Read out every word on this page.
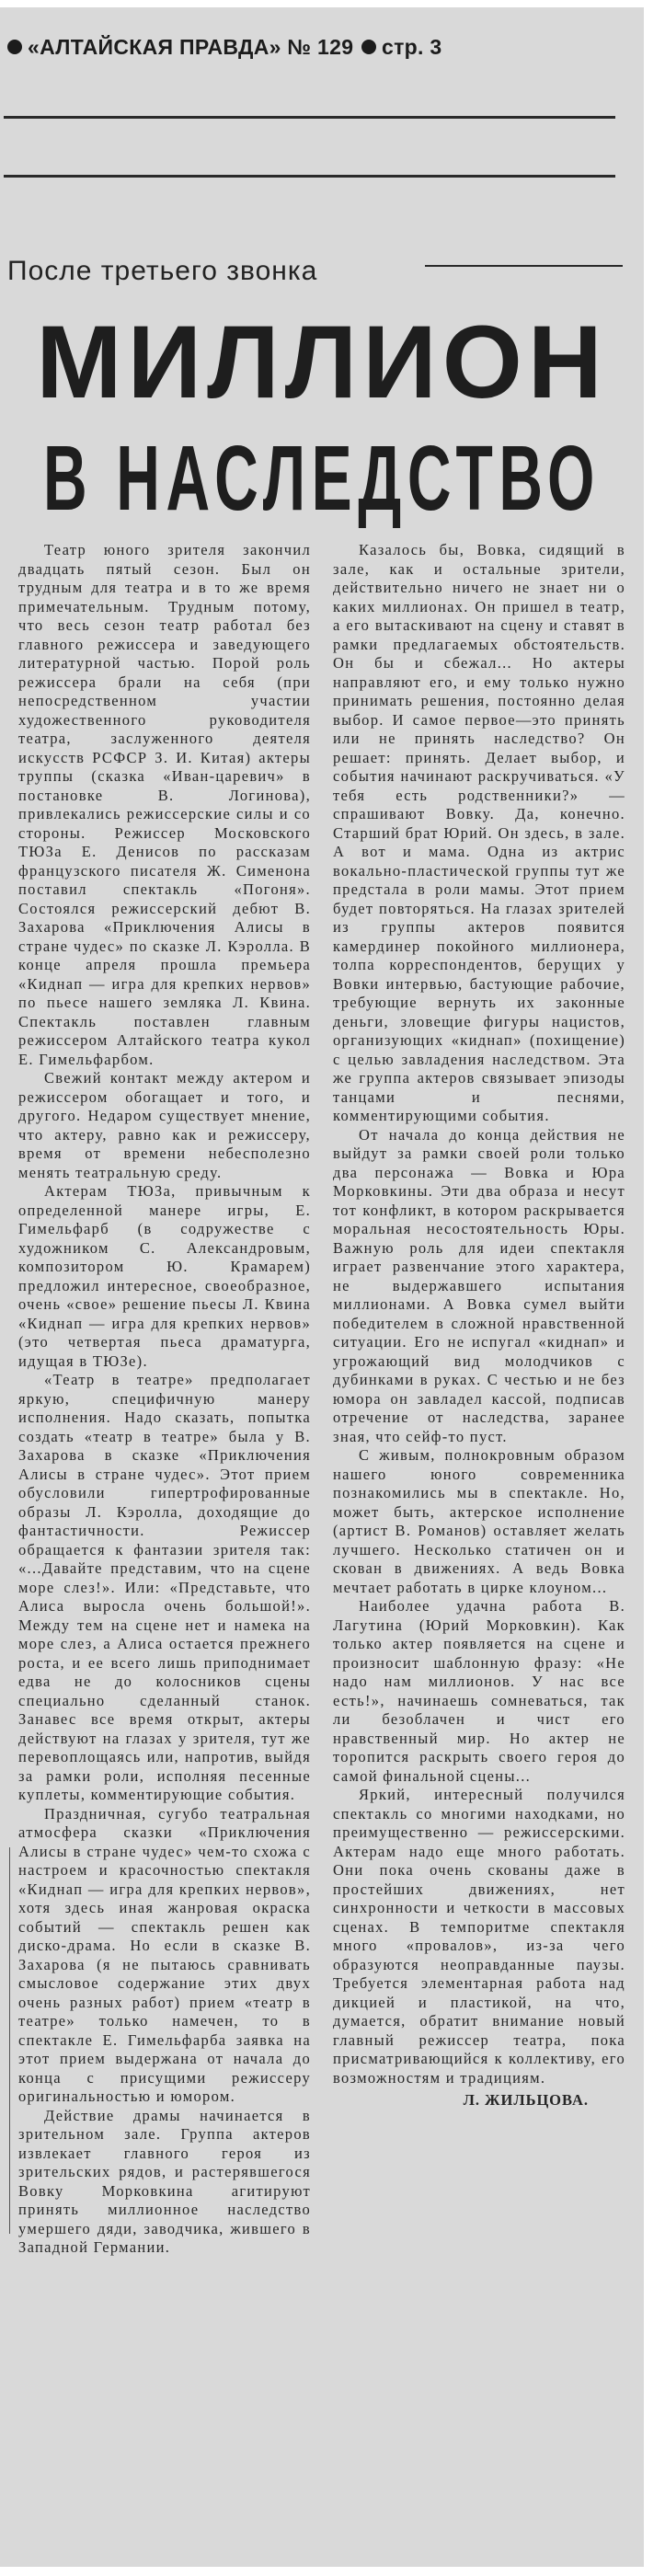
«АЛТАЙСКАЯ ПРАВДА» № 129 стр. 3
После третьего звонка
МИЛЛИОН
В НАСЛЕДСТВО

Театр юного зрителя закончил двадцать пятый сезон. Был он трудным для театра и в то же время примечательным. Трудным потому, что весь сезон театр работал без главного режиссера и заведующего литературной частью. Порой роль режиссера брали на себя (при непосредственном участии художественного руководителя театра, заслуженного деятеля искусств РСФСР З. И. Китая) актеры труппы (сказка «Иван-царевич» в постановке В. Логинова), привлекались режиссерские силы и со стороны. Режиссер Московского ТЮЗа Е. Денисов по рассказам французского писателя Ж. Сименона поставил спектакль «Погоня». Состоялся режиссерский дебют В. Захарова «Приключения Алисы в стране чудес» по сказке Л. Кэролла. В конце апреля прошла премьера «Киднап — игра для крепких нервов» по пьесе нашего земляка Л. Квина. Спектакль поставлен главным режиссером Алтайского театра кукол Е. Гимельфарбом.

Свежий контакт между актером и режиссером обогащает и того, и другого. Недаром существует мнение, что актеру, равно как и режиссеру, время от времени небесполезно менять театральную среду.

Актерам ТЮЗа, привычным к определенной манере игры, Е. Гимельфарб (в содружестве с художником С. Александровым, композитором Ю. Крамарем) предложил интересное, своеобразное, очень «свое» решение пьесы Л. Квина «Киднап — игра для крепких нервов» (это четвертая пьеса драматурга, идущая в ТЮЗе).

«Театр в театре» предполагает яркую, специфичную манеру исполнения. Надо сказать, попытка создать «театр в театре» была у В. Захарова в сказке «Приключения Алисы в стране чудес». Этот прием обусловили гипертрофированные образы Л. Кэролла, доходящие до фантастичности. Режиссер обращается к фантазии зрителя так: «...Давайте представим, что на сцене море слез!». Или: «Представьте, что Алиса выросла очень большой!». Между тем на сцене нет и намека на море слез, а Алиса остается прежнего роста, и ее всего лишь приподнимает едва не до колосников сцены специально сделанный станок. Занавес все время открыт, актеры действуют на глазах у зрителя, тут же перевоплощаясь или, напротив, выйдя за рамки роли, исполняя песенные куплеты, комментирующие события.

Праздничная, сугубо театральная атмосфера сказки «Приключения Алисы в стране чудес» чем-то схожа с настроем и красочностью спектакля «Киднап — игра для крепких нервов», хотя здесь иная жанровая окраска событий — спектакль решен как диско-драма. Но если в сказке В. Захарова (я не пытаюсь сравнивать смысловое содержание этих двух очень разных работ) прием «театр в театре» только намечен, то в спектакле Е. Гимельфарба заявка на этот прием выдержана от начала до конца с присущими режиссеру оригинальностью и юмором.

Действие драмы начинается в зрительном зале. Группа актеров извлекает главного героя из зрительских рядов, и растерявшегося Вовку Морковкина агитируют принять миллионное наследство умершего дяди, заводчика, жившего в Западной Германии.

Казалось бы, Вовка, сидящий в зале, как и остальные зрители, действительно ничего не знает ни о каких миллионах. Он пришел в театр, а его вытаскивают на сцену и ставят в рамки предлагаемых обстоятельств. Он бы и сбежал... Но актеры направляют его, и ему только нужно принимать решения, постоянно делая выбор. И самое первое—это принять или не принять наследство? Он решает: принять. Делает выбор, и события начинают раскручиваться. «У тебя есть родственники?» — спрашивают Вовку. Да, конечно. Старший брат Юрий. Он здесь, в зале. А вот и мама. Одна из актрис вокально-пластической группы тут же предстала в роли мамы. Этот прием будет повторяться. На глазах зрителей из группы актеров появится камердинер покойного миллионера, толпа корреспондентов, берущих у Вовки интервью, бастующие рабочие, требующие вернуть их законные деньги, зловещие фигуры нацистов, организующих «киднап» (похищение) с целью завладения наследством. Эта же группа актеров связывает эпизоды танцами и песнями, комментирующими события.

От начала до конца действия не выйдут за рамки своей роли только два персонажа — Вовка и Юра Морковкины. Эти два образа и несут тот конфликт, в котором раскрывается моральная несостоятельность Юры. Важную роль для идеи спектакля играет развенчание этого характера, не выдержавшего испытания миллионами. А Вовка сумел выйти победителем в сложной нравственной ситуации. Его не испугал «киднап» и угрожающий вид молодчиков с дубинками в руках. С честью и не без юмора он завладел кассой, подписав отречение от наследства, заранее зная, что сейф-то пуст.

С живым, полнокровным образом нашего юного современника познакомились мы в спектакле. Но, может быть, актерское исполнение (артист В. Романов) оставляет желать лучшего. Несколько статичен он и скован в движениях. А ведь Вовка мечтает работать в цирке клоуном...

Наиболее удачна работа В. Лагутина (Юрий Морковкин). Как только актер появляется на сцене и произносит шаблонную фразу: «Не надо нам миллионов. У нас все есть!», начинаешь сомневаться, так ли безоблачен и чист его нравственный мир. Но актер не торопится раскрыть своего героя до самой финальной сцены...

Яркий, интересный получился спектакль со многими находками, но преимущественно — режиссерскими. Актерам надо еще много работать. Они пока очень скованы даже в простейших движениях, нет синхронности и четкости в массовых сценах. В темпоритме спектакля много «провалов», из-за чего образуются неоправданные паузы. Требуется элементарная работа над дикцией и пластикой, на что, думается, обратит внимание новый главный режиссер театра, пока присматривающийся к коллективу, его возможностям и традициям.

Л. ЖИЛЬЦОВА.
